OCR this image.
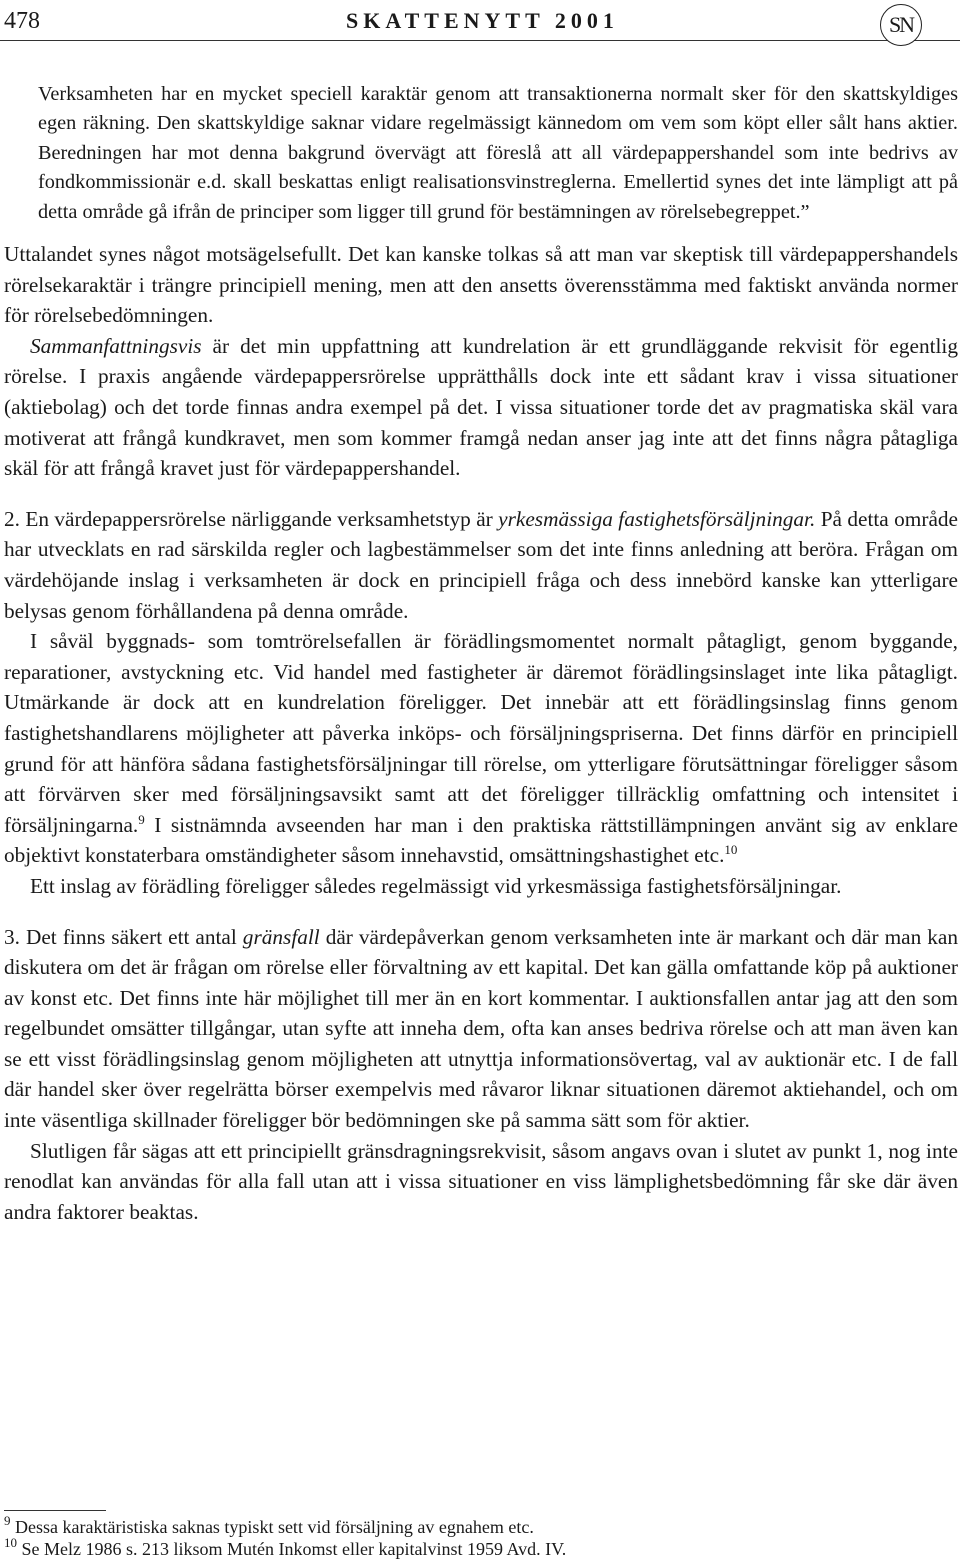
478	SKATTENYTT 2001	SN

Verksamheten har en mycket speciell karaktär genom att transaktionerna normalt sker för den skattskyldiges egen räkning. Den skattskyldige saknar vidare regelmässigt kännedom om vem som köpt eller sålt hans aktier. Beredningen har mot denna bakgrund övervägt att föreslå att all värdepappershandel som inte bedrivs av fondkommissionär e.d. skall beskattas enligt realisationsvinstreglerna. Emellertid synes det inte lämpligt att på detta område gå ifrån de principer som ligger till grund för bestämningen av rörelsebegreppet.”

Uttalandet synes något motsägelsefullt. Det kan kanske tolkas så att man var skeptisk till värdepappershandels rörelsekaraktär i trängre principiell mening, men att den ansetts överensstämma med faktiskt använda normer för rörelsebedömningen.

Sammanfattningsvis är det min uppfattning att kundrelation är ett grundläggande rekvisit för egentlig rörelse. I praxis angående värdepappersrörelse upprätthålls dock inte ett sådant krav i vissa situationer (aktiebolag) och det torde finnas andra exempel på det. I vissa situationer torde det av pragmatiska skäl vara motiverat att frångå kundkravet, men som kommer framgå nedan anser jag inte att det finns några påtagliga skäl för att frångå kravet just för värdepappershandel.

2. En värdepappersrörelse närliggande verksamhetstyp är yrkesmässiga fastighetsförsäljningar. På detta område har utvecklats en rad särskilda regler och lagbestämmelser som det inte finns anledning att beröra. Frågan om värdehöjande inslag i verksamheten är dock en principiell fråga och dess innebörd kanske kan ytterligare belysas genom förhållandena på denna område.

I såväl byggnads- som tomtrörelsefallen är förädlingsmomentet normalt påtagligt, genom byggande, reparationer, avstyckning etc. Vid handel med fastigheter är däremot förädlingsinslaget inte lika påtagligt. Utmärkande är dock att en kundrelation föreligger. Det innebär att ett förädlingsinslag finns genom fastighetshandlarens möjligheter att påverka inköps- och försäljningspriserna. Det finns därför en principiell grund för att hänföra sådana fastighetsförsäljningar till rörelse, om ytterligare förutsättningar föreligger såsom att förvärven sker med försäljningsavsikt samt att det föreligger tillräcklig omfattning och intensitet i försäljningarna.$^9$ I sistnämnda avseenden har man i den praktiska rättstillämpningen använt sig av enklare objektivt konstaterbara omständigheter såsom innehavstid, omsättningshastighet etc.$^{10}$

Ett inslag av förädling föreligger således regelmässigt vid yrkesmässiga fastighetsförsäljningar.

3. Det finns säkert ett antal gränsfall där värdepåverkan genom verksamheten inte är markant och där man kan diskutera om det är frågan om rörelse eller förvaltning av ett kapital. Det kan gälla omfattande köp på auktioner av konst etc. Det finns inte här möjlighet till mer än en kort kommentar. I auktionsfallen antar jag att den som regelbundet omsätter tillgångar, utan syfte att inneha dem, ofta kan anses bedriva rörelse och att man även kan se ett visst förädlingsinslag genom möjligheten att utnyttja informationsövertag, val av auktionär etc. I de fall där handel sker över regelrätta börser exempelvis med råvaror liknar situationen däremot aktiehandel, och om inte väsentliga skillnader föreligger bör bedömningen ske på samma sätt som för aktier.

Slutligen får sägas att ett principiellt gränsdragningsrekvisit, såsom angavs ovan i slutet av punkt 1, nog inte renodlat kan användas för alla fall utan att i vissa situationer en viss lämplighetsbedömning får ske där även andra faktorer beaktas.

$^9$ Dessa karaktäristiska saknas typiskt sett vid försäljning av egnahem etc.

$^{10}$ Se Melz 1986 s. 213 liksom Mutén Inkomst eller kapitalvinst 1959 Avd. IV.
